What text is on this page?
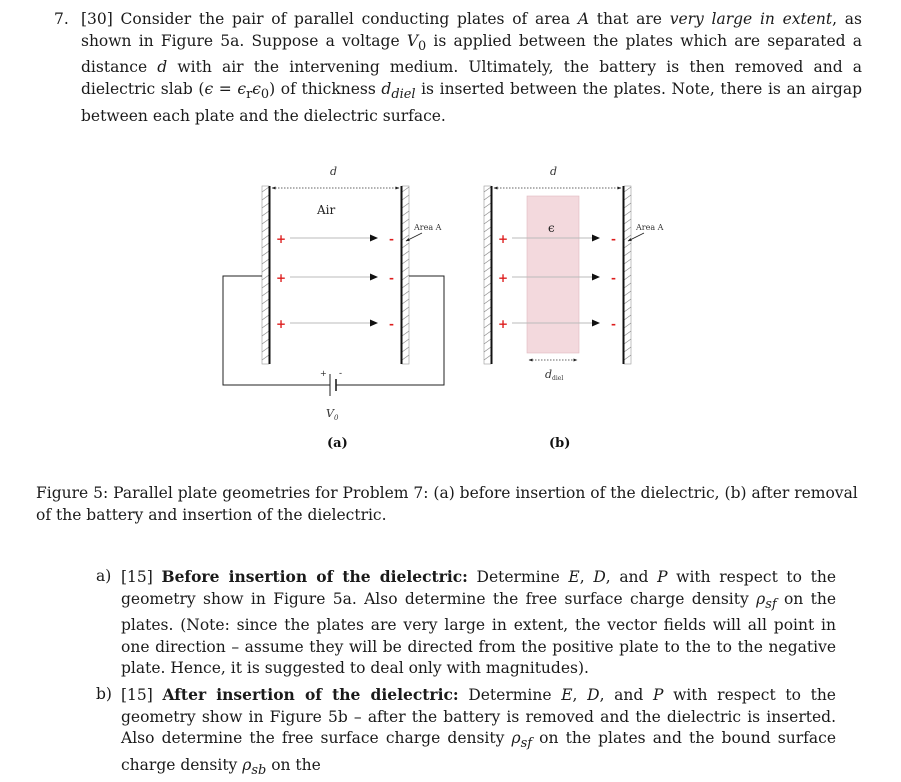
7. [30] Consider the pair of parallel conducting plates of area A that are very large in extent, as shown in Figure 5a. Suppose a voltage $V_0$ is applied between the plates which are separated a distance d with air the intervening medium. Ultimately, the battery is then removed and a dielectric slab $(\epsilon = \epsilon_r\epsilon_0)$ of thickness $d_{diel}$ is inserted between the plates. Note, there is an airgap between each plate and the dielectric surface.
d
Air
+
+
+
-
-
-
Area A
+ -
$V_0$
(a)
d
ϵ
+
+
+
-
-
-
Area A
ddiel
(b)
Figure 5: Parallel plate geometries for Problem 7: (a) before insertion of the dielectric, (b) after removal of the battery and insertion of the dielectric.
a) [15] Before insertion of the dielectric: Determine E, D, and P with respect to the geometry show in Figure 5a. Also determine the free surface charge density $\rho_{sf}$ on the plates. (Note: since the plates are very large in extent, the vector fields will all point in one direction – assume they will be directed from the positive plate to the to the negative plate. Hence, it is suggested to deal only with magnitudes).
b) [15] After insertion of the dielectric: Determine E, D, and P with respect to the geometry show in Figure 5b – after the battery is removed and the dielectric is inserted. Also determine the free surface charge density $\rho_{sf}$ on the plates and the bound surface charge density $\rho_{sb}$ on the
